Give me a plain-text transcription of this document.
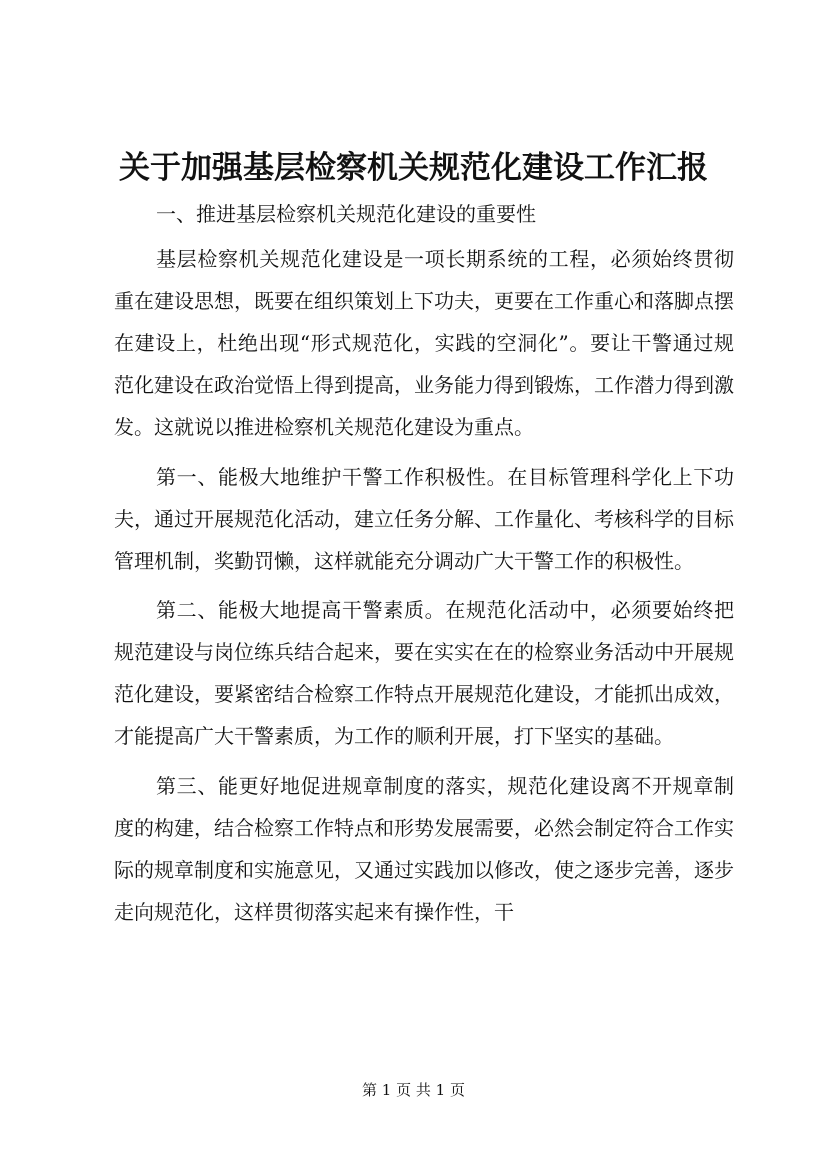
关于加强基层检察机关规范化建设工作汇报

一、推进基层检察机关规范化建设的重要性

基层检察机关规范化建设是一项长期系统的工程，必须始终贯彻重在建设思想，既要在组织策划上下功夫，更要在工作重心和落脚点摆在建设上，杜绝出现“形式规范化，实践的空洞化”。要让干警通过规范化建设在政治觉悟上得到提高，业务能力得到锻炼，工作潜力得到激发。这就说以推进检察机关规范化建设为重点。

第一、能极大地维护干警工作积极性。在目标管理科学化上下功夫，通过开展规范化活动，建立任务分解、工作量化、考核科学的目标管理机制，奖勤罚懒，这样就能充分调动广大干警工作的积极性。

第二、能极大地提高干警素质。在规范化活动中，必须要始终把规范建设与岗位练兵结合起来，要在实实在在的检察业务活动中开展规范化建设，要紧密结合检察工作特点开展规范化建设，才能抓出成效，才能提高广大干警素质，为工作的顺利开展，打下坚实的基础。

第三、能更好地促进规章制度的落实，规范化建设离不开规章制度的构建，结合检察工作特点和形势发展需要，必然会制定符合工作实际的规章制度和实施意见，又通过实践加以修改，使之逐步完善，逐步走向规范化，这样贯彻落实起来有操作性，干

第 1 页 共 1 页
